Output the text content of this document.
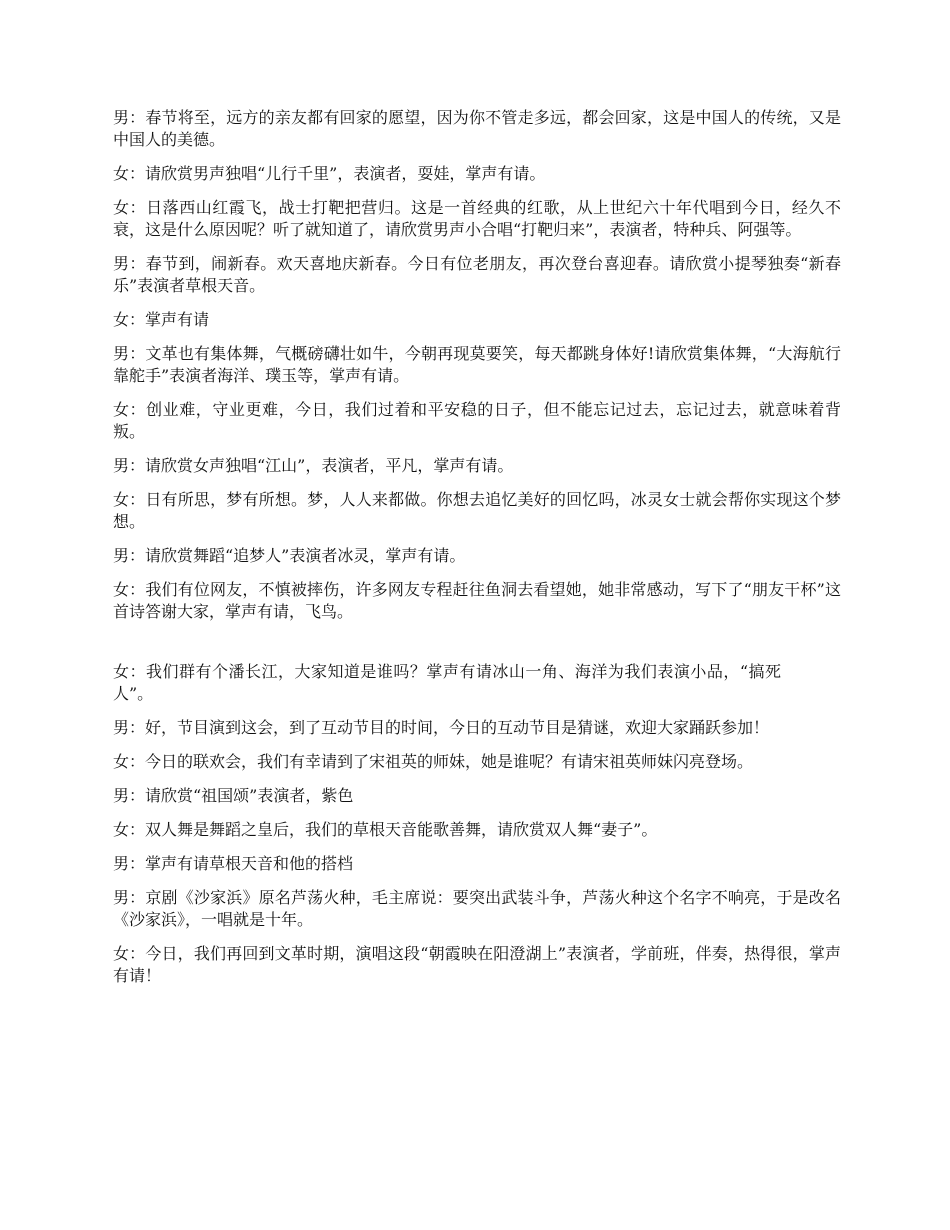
男：春节将至，远方的亲友都有回家的愿望，因为你不管走多远，都会回家，这是中国人的传统，又是中国人的美德。

女：请欣赏男声独唱“儿行千里”，表演者，耍娃，掌声有请。

女：日落西山红霞飞，战士打靶把营归。这是一首经典的红歌，从上世纪六十年代唱到今日，经久不衰，这是什么原因呢？听了就知道了，请欣赏男声小合唱“打靶归来”，表演者，特种兵、阿强等。

男：春节到，闹新春。欢天喜地庆新春。今日有位老朋友，再次登台喜迎春。请欣赏小提琴独奏“新春乐”表演者草根天音。

女：掌声有请

男：文革也有集体舞，气概磅礴壮如牛，今朝再现莫要笑，每天都跳身体好!请欣赏集体舞，“大海航行靠舵手”表演者海洋、璞玉等，掌声有请。

女：创业难，守业更难，今日，我们过着和平安稳的日子，但不能忘记过去，忘记过去，就意味着背叛。

男：请欣赏女声独唱“江山”，表演者，平凡，掌声有请。

女：日有所思，梦有所想。梦，人人来都做。你想去追忆美好的回忆吗，冰灵女士就会帮你实现这个梦想。

男：请欣赏舞蹈“追梦人”表演者冰灵，掌声有请。

女：我们有位网友，不慎被摔伤，许多网友专程赶往鱼洞去看望她，她非常感动，写下了“朋友干杯”这首诗答谢大家，掌声有请，飞鸟。

女：我们群有个潘长江，大家知道是谁吗？掌声有请冰山一角、海洋为我们表演小品，“搞死人”。

男：好，节目演到这会，到了互动节目的时间，今日的互动节目是猜谜，欢迎大家踊跃参加！

女：今日的联欢会，我们有幸请到了宋祖英的师妹，她是谁呢？有请宋祖英师妹闪亮登场。

男：请欣赏“祖国颂”表演者，紫色

女：双人舞是舞蹈之皇后，我们的草根天音能歌善舞，请欣赏双人舞“妻子”。

男：掌声有请草根天音和他的搭档

男：京剧《沙家浜》原名芦荡火种，毛主席说：要突出武装斗争，芦荡火种这个名字不响亮，于是改名《沙家浜》，一唱就是十年。

女：今日，我们再回到文革时期，演唱这段“朝霞映在阳澄湖上”表演者，学前班，伴奏，热得很，掌声有请！
